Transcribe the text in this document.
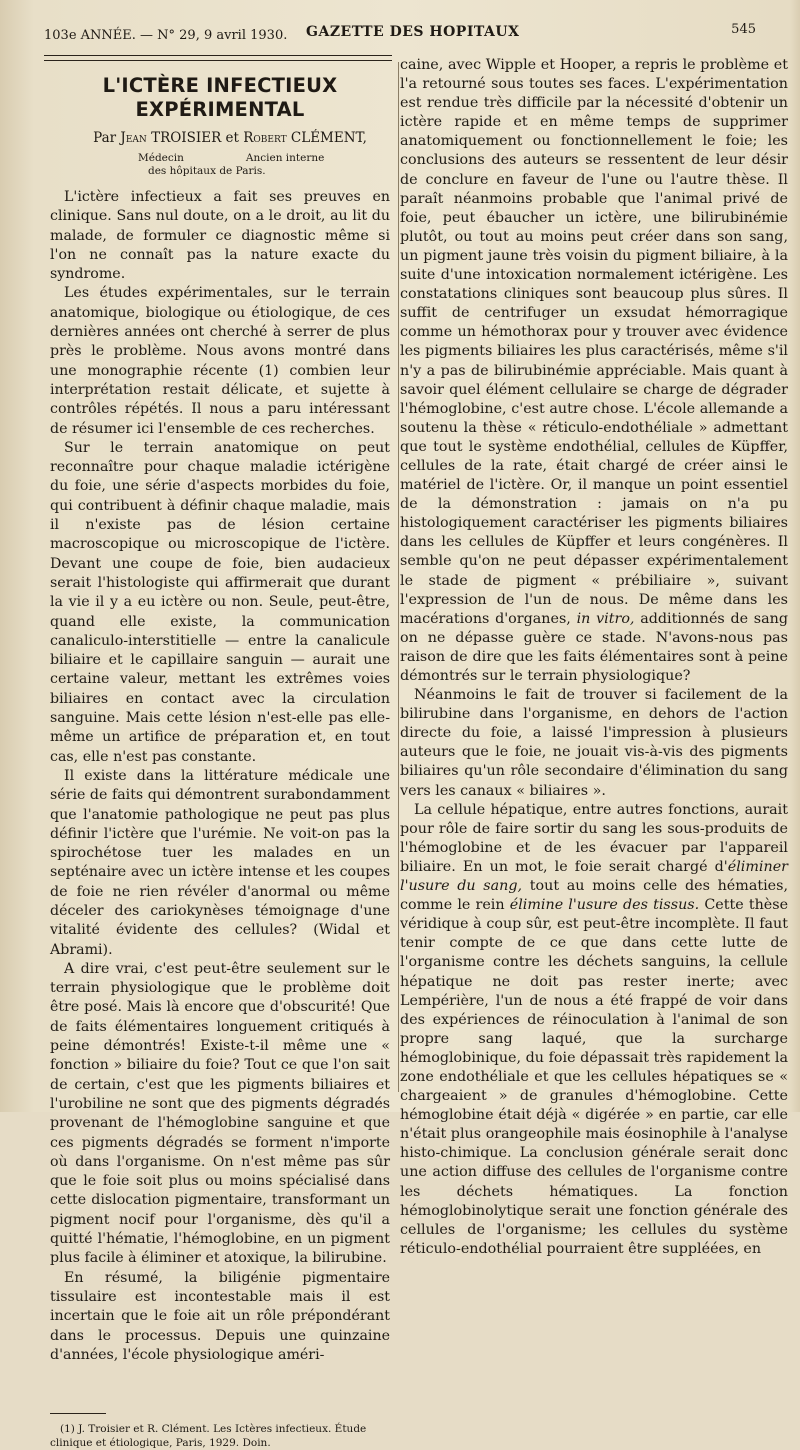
103e ANNÉE. — N° 29, 9 avril 1930. GAZETTE DES HOPITAUX	545
L'ICTÈRE INFECTIEUX EXPÉRIMENTAL
Par Jean TROISIER et Robert CLÉMENT,
Médecin	Ancien interne
des hôpitaux de Paris.

L'ictère infectieux a fait ses preuves en clinique. Sans nul doute, on a le droit, au lit du malade, de formuler ce diagnostic même si l'on ne connaît pas la nature exacte du syndrome.

Les études expérimentales, sur le terrain anatomique, biologique ou étiologique, de ces dernières années ont cherché à serrer de plus près le problème. Nous avons montré dans une monographie récente (1) combien leur interprétation restait délicate, et sujette à contrôles répétés. Il nous a paru intéressant de résumer ici l'ensemble de ces recherches.

Sur le terrain anatomique on peut reconnaître pour chaque maladie ictérigène du foie, une série d'aspects morbides du foie, qui contribuent à définir chaque maladie, mais il n'existe pas de lésion certaine macroscopique ou microscopique de l'ictère. Devant une coupe de foie, bien audacieux serait l'histologiste qui affirmerait que durant la vie il y a eu ictère ou non. Seule, peut-être, quand elle existe, la communication canaliculo-interstitielle — entre la canalicule biliaire et le capillaire sanguin — aurait une certaine valeur, mettant les extrêmes voies biliaires en contact avec la circulation sanguine. Mais cette lésion n'est-elle pas elle-même un artifice de préparation et, en tout cas, elle n'est pas constante.

Il existe dans la littérature médicale une série de faits qui démontrent surabondamment que l'anatomie pathologique ne peut pas plus définir l'ictère que l'urémie. Ne voit-on pas la spirochétose tuer les malades en un septénaire avec un ictère intense et les coupes de foie ne rien révéler d'anormal ou même déceler des cariokynèses témoignage d'une vitalité évidente des cellules? (Widal et Abrami).

A dire vrai, c'est peut-être seulement sur le terrain physiologique que le problème doit être posé. Mais là encore que d'obscurité! Que de faits élémentaires longuement critiqués à peine démontrés! Existe-t-il même une « fonction » biliaire du foie? Tout ce que l'on sait de certain, c'est que les pigments biliaires et l'urobiline ne sont que des pigments dégradés provenant de l'hémoglobine sanguine et que ces pigments dégradés se forment n'importe où dans l'organisme. On n'est même pas sûr que le foie soit plus ou moins spécialisé dans cette dislocation pigmentaire, transformant un pigment nocif pour l'organisme, dès qu'il a quitté l'hématie, l'hémoglobine, en un pigment plus facile à éliminer et atoxique, la bilirubine.

En résumé, la biligénie pigmentaire tissulaire est incontestable mais il est incertain que le foie ait un rôle prépondérant dans le processus. Depuis une quinzaine d'années, l'école physiologique améri-

(1) J. Troisier et R. Clément. Les Ictères infectieux. Étude clinique et étiologique, Paris, 1929. Doin.

caine, avec Wipple et Hooper, a repris le problème et l'a retourné sous toutes ses faces. L'expérimentation est rendue très difficile par la nécessité d'obtenir un ictère rapide et en même temps de supprimer anatomiquement ou fonctionnellement le foie; les conclusions des auteurs se ressentent de leur désir de conclure en faveur de l'une ou l'autre thèse. Il paraît néanmoins probable que l'animal privé de foie, peut ébaucher un ictère, une bilirubinémie plutôt, ou tout au moins peut créer dans son sang, un pigment jaune très voisin du pigment biliaire, à la suite d'une intoxication normalement ictérigène. Les constatations cliniques sont beaucoup plus sûres. Il suffit de centrifuger un exsudat hémorragique comme un hémothorax pour y trouver avec évidence les pigments biliaires les plus caractérisés, même s'il n'y a pas de bilirubinémie appréciable. Mais quant à savoir quel élément cellulaire se charge de dégrader l'hémoglobine, c'est autre chose. L'école allemande a soutenu la thèse « réticulo-endothéliale » admettant que tout le système endothélial, cellules de Küpffer, cellules de la rate, était chargé de créer ainsi le matériel de l'ictère. Or, il manque un point essentiel de la démonstration : jamais on n'a pu histologiquement caractériser les pigments biliaires dans les cellules de Küpffer et leurs congénères. Il semble qu'on ne peut dépasser expérimentalement le stade de pigment « prébiliaire », suivant l'expression de l'un de nous. De même dans les macérations d'organes, in vitro, additionnés de sang on ne dépasse guère ce stade. N'avons-nous pas raison de dire que les faits élémentaires sont à peine démontrés sur le terrain physiologique?

Néanmoins le fait de trouver si facilement de la bilirubine dans l'organisme, en dehors de l'action directe du foie, a laissé l'impression à plusieurs auteurs que le foie, ne jouait vis-à-vis des pigments biliaires qu'un rôle secondaire d'élimination du sang vers les canaux « biliaires ».

La cellule hépatique, entre autres fonctions, aurait pour rôle de faire sortir du sang les sous-produits de l'hémoglobine et de les évacuer par l'appareil biliaire. En un mot, le foie serait chargé d'éliminer l'usure du sang, tout au moins celle des hématies, comme le rein élimine l'usure des tissus. Cette thèse véridique à coup sûr, est peut-être incomplète. Il faut tenir compte de ce que dans cette lutte de l'organisme contre les déchets sanguins, la cellule hépatique ne doit pas rester inerte; avec Lempérière, l'un de nous a été frappé de voir dans des expériences de réinoculation à l'animal de son propre sang laqué, que la surcharge hémoglobinique, du foie dépassait très rapidement la zone endothéliale et que les cellules hépatiques se « chargeaient » de granules d'hémoglobine. Cette hémoglobine était déjà « digérée » en partie, car elle n'était plus orangeophile mais éosinophile à l'analyse histo-chimique. La conclusion générale serait donc une action diffuse des cellules de l'organisme contre les déchets hématiques. La fonction hémoglobinolytique serait une fonction générale des cellules de l'organisme; les cellules du système réticulo-endothélial pourraient être suppléées, en
